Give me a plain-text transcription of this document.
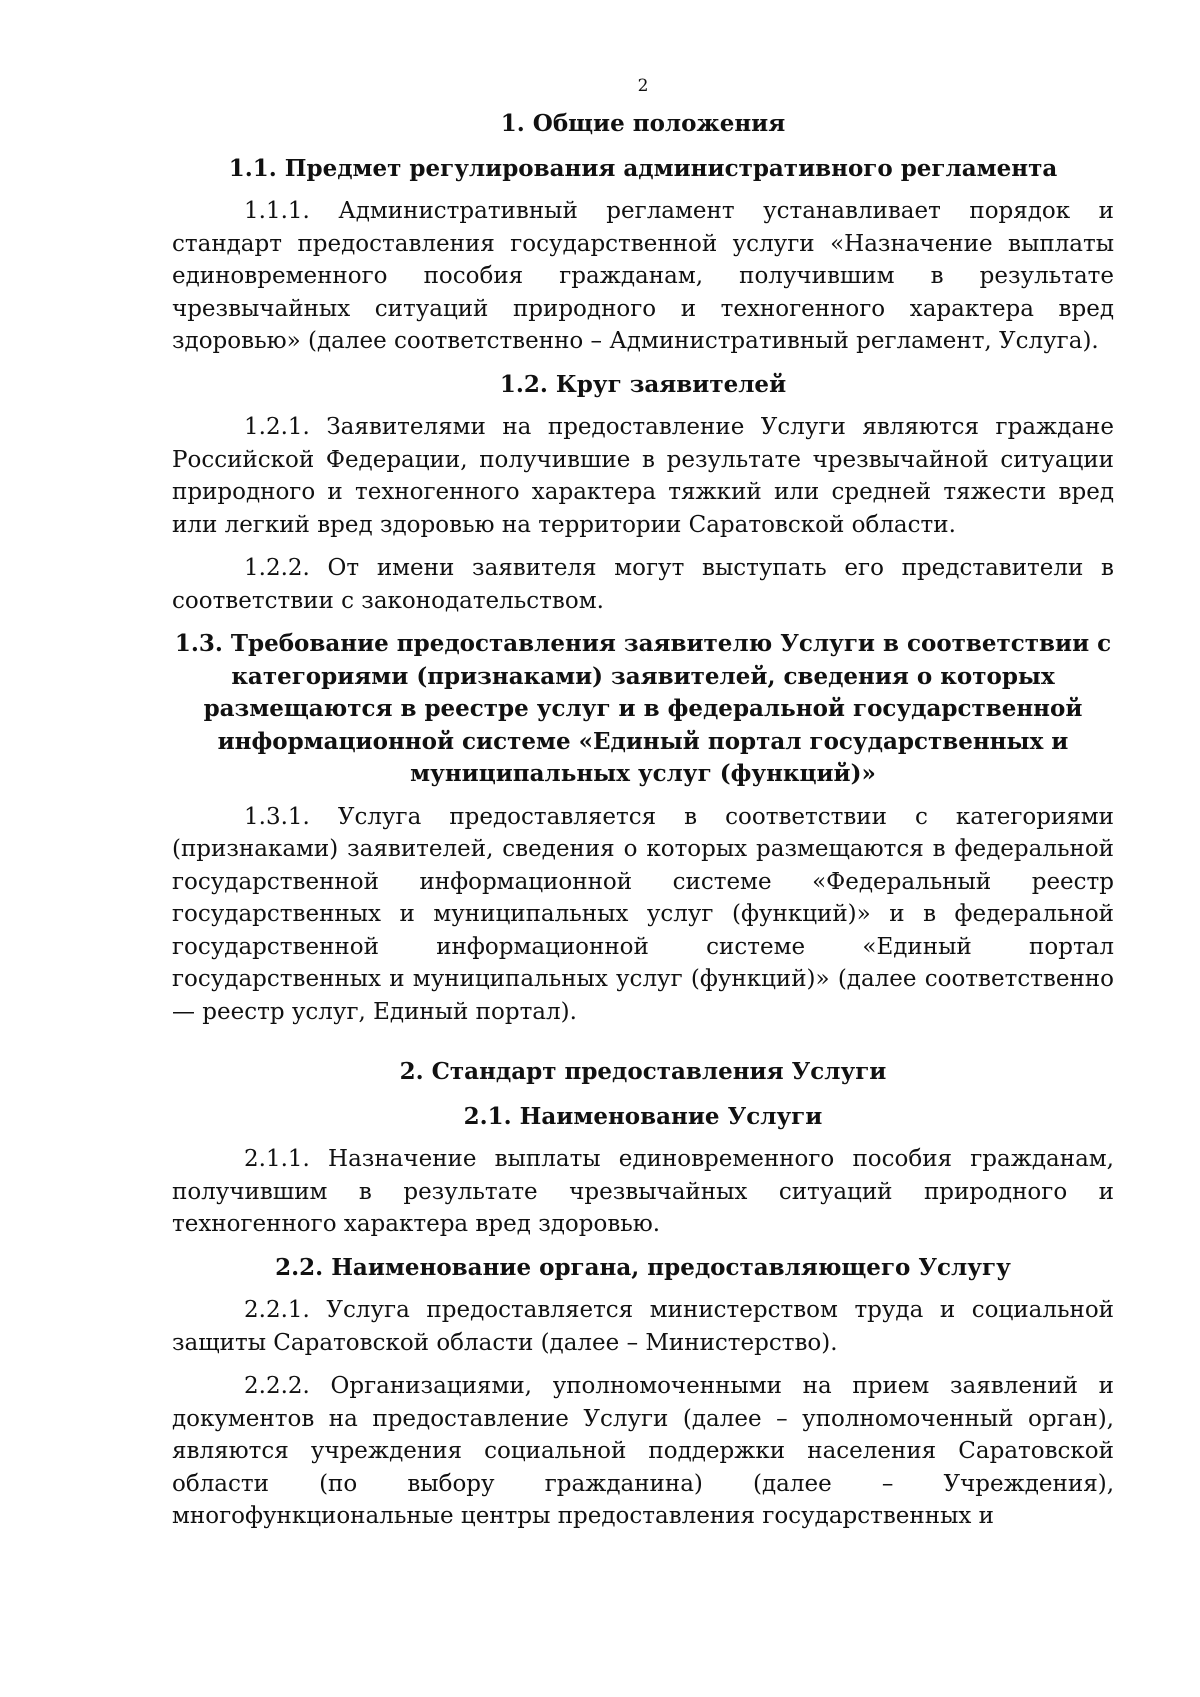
2
1. Общие положения
1.1. Предмет регулирования административного регламента

1.1.1. Административный регламент устанавливает порядок и стандарт предоставления государственной услуги «Назначение выплаты единовременного пособия гражданам, получившим в результате чрезвычайных ситуаций природного и техногенного характера вред здоровью» (далее соответственно – Административный регламент, Услуга).

1.2. Круг заявителей

1.2.1. Заявителями на предоставление Услуги являются граждане Российской Федерации, получившие в результате чрезвычайной ситуации природного и техногенного характера тяжкий или средней тяжести вред или легкий вред здоровью на территории Саратовской области.

1.2.2. От имени заявителя могут выступать его представители в соответствии с законодательством.

1.3. Требование предоставления заявителю Услуги в соответствии с категориями (признаками) заявителей, сведения о которых размещаются в реестре услуг и в федеральной государственной информационной системе «Единый портал государственных и муниципальных услуг (функций)»

1.3.1. Услуга предоставляется в соответствии с категориями (признаками) заявителей, сведения о которых размещаются в федеральной государственной информационной системе «Федеральный реестр государственных и муниципальных услуг (функций)» и в федеральной государственной информационной системе «Единый портал государственных и муниципальных услуг (функций)» (далее соответственно — реестр услуг, Единый портал).

2. Стандарт предоставления Услуги
2.1. Наименование Услуги

2.1.1. Назначение выплаты единовременного пособия гражданам, получившим в результате чрезвычайных ситуаций природного и техногенного характера вред здоровью.

2.2. Наименование органа, предоставляющего Услугу

2.2.1. Услуга предоставляется министерством труда и социальной защиты Саратовской области (далее – Министерство).

2.2.2. Организациями, уполномоченными на прием заявлений и документов на предоставление Услуги (далее – уполномоченный орган), являются учреждения социальной поддержки населения Саратовской области (по выбору гражданина) (далее – Учреждения), многофункциональные центры предоставления государственных и
